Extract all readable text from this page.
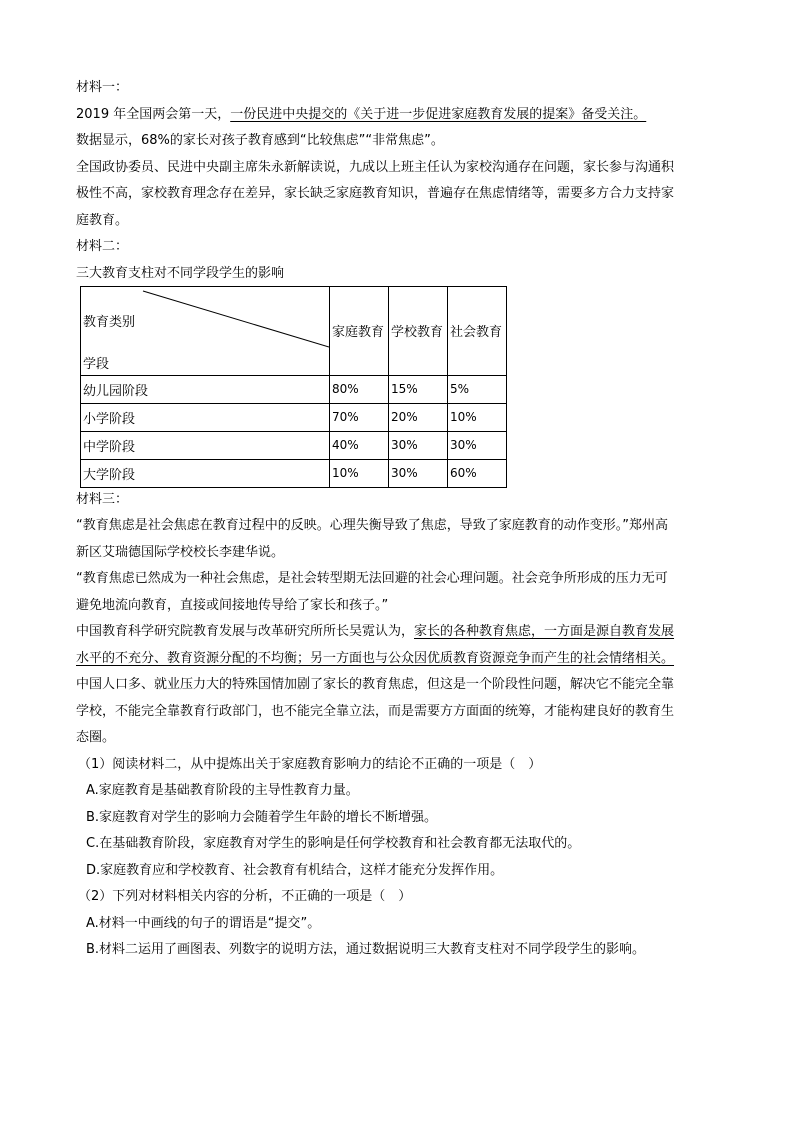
材料一：
2019 年全国两会第一天，一份民进中央提交的《关于进一步促进家庭教育发展的提案》备受关注。
数据显示，68%的家长对孩子教育感到“比较焦虑”“非常焦虑”。
全国政协委员、民进中央副主席朱永新解读说，九成以上班主任认为家校沟通存在问题，家长参与沟通积
极性不高，家校教育理念存在差异，家长缺乏家庭教育知识，普遍存在焦虑情绪等，需要多方合力支持家
庭教育。
材料二：
三大教育支柱对不同学段学生的影响
教育类别
学段	家庭教育	学校教育	社会教育
幼儿园阶段	80%	15%	5%
小学阶段	70%	20%	10%
中学阶段	40%	30%	30%
大学阶段	10%	30%	60%
材料三：
“教育焦虑是社会焦虑在教育过程中的反映。心理失衡导致了焦虑，导致了家庭教育的动作变形。”郑州高
新区艾瑞德国际学校校长李建华说。
“教育焦虑已然成为一种社会焦虑，是社会转型期无法回避的社会心理问题。社会竞争所形成的压力无可
避免地流向教育，直接或间接地传导给了家长和孩子。”
中国教育科学研究院教育发展与改革研究所所长吴霓认为，家长的各种教育焦虑，一方面是源自教育发展
水平的不充分、教育资源分配的不均衡；另一方面也与公众因优质教育资源竞争而产生的社会情绪相关。
中国人口多、就业压力大的特殊国情加剧了家长的教育焦虑，但这是一个阶段性问题，解决它不能完全靠
学校，不能完全靠教育行政部门，也不能完全靠立法，而是需要方方面面的统筹，才能构建良好的教育生
态圈。
（1）阅读材料二，从中提炼出关于家庭教育影响力的结论不正确的一项是（　）
A.家庭教育是基础教育阶段的主导性教育力量。
B.家庭教育对学生的影响力会随着学生年龄的增长不断增强。
C.在基础教育阶段，家庭教育对学生的影响是任何学校教育和社会教育都无法取代的。
D.家庭教育应和学校教育、社会教育有机结合，这样才能充分发挥作用。
（2）下列对材料相关内容的分析，不正确的一项是（　）
A.材料一中画线的句子的谓语是“提交”。
B.材料二运用了画图表、列数字的说明方法，通过数据说明三大教育支柱对不同学段学生的影响。
